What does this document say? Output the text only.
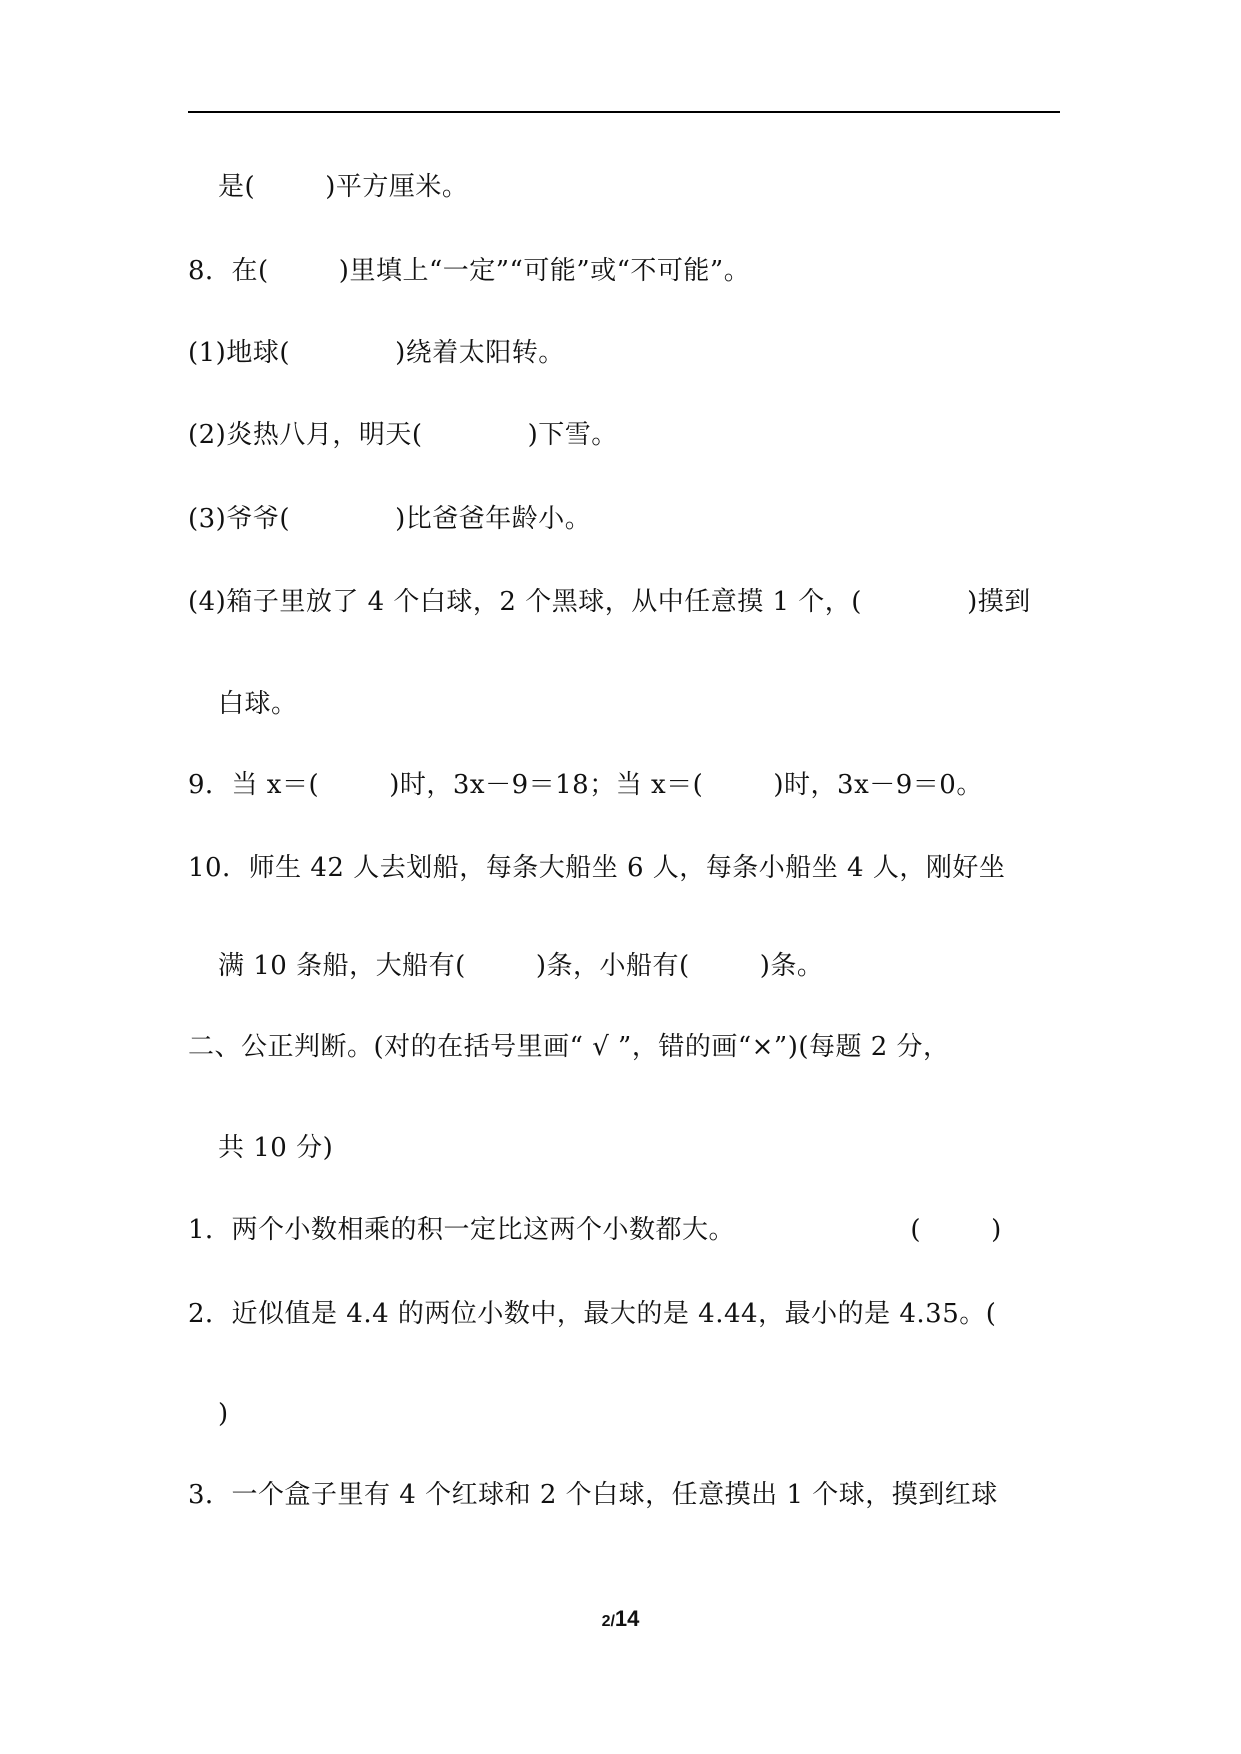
是(        )平方厘米。
8．在(        )里填上“一定”“可能”或“不可能”。
(1)地球(            )绕着太阳转。
(2)炎热八月，明天(            )下雪。
(3)爷爷(            )比爸爸年龄小。
(4)箱子里放了 4 个白球，2 个黑球，从中任意摸 1 个，(            )摸到
白球。
9．当 x＝(        )时，3x－9＝18；当 x＝(        )时，3x－9＝0。
10．师生 42 人去划船，每条大船坐 6 人，每条小船坐 4 人，刚好坐
满 10 条船，大船有(        )条，小船有(        )条。
二、公正判断。(对的在括号里画“ √ ”，错的画“×”)(每题 2 分，
共 10 分)
1．两个小数相乘的积一定比这两个小数都大。                    (        )
2．近似值是 4.4 的两位小数中，最大的是 4.44，最小的是 4.35。(
)
3．一个盒子里有 4 个红球和 2 个白球，任意摸出 1 个球，摸到红球
2/14
